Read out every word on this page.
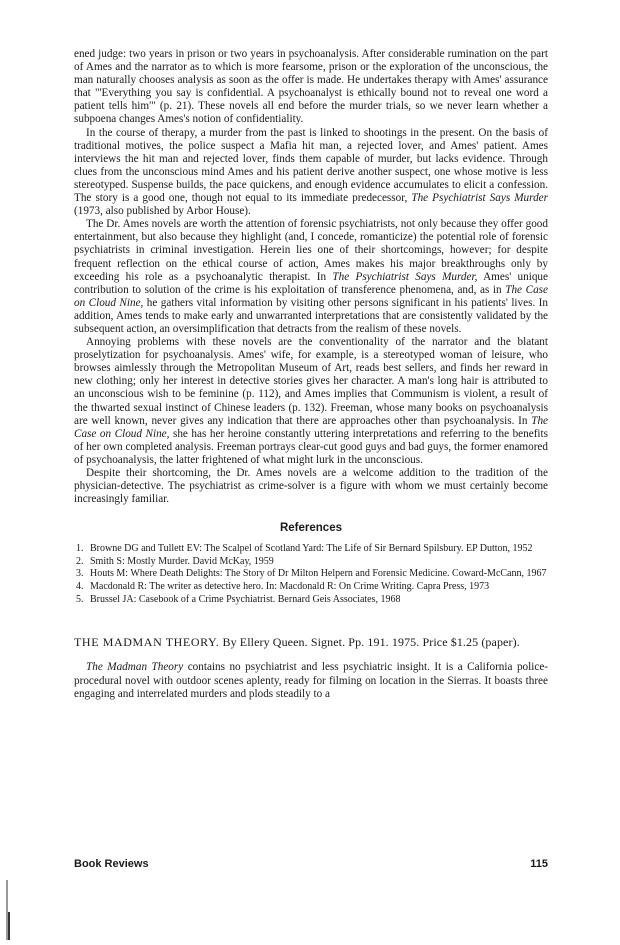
ened judge: two years in prison or two years in psychoanalysis. After considerable rumination on the part of Ames and the narrator as to which is more fearsome, prison or the exploration of the unconscious, the man naturally chooses analysis as soon as the offer is made. He undertakes therapy with Ames' assurance that "'Everything you say is confidential. A psychoanalyst is ethically bound not to reveal one word a patient tells him'" (p. 21). These novels all end before the murder trials, so we never learn whether a subpoena changes Ames's notion of confidentiality.

In the course of therapy, a murder from the past is linked to shootings in the present. On the basis of traditional motives, the police suspect a Mafia hit man, a rejected lover, and Ames' patient. Ames interviews the hit man and rejected lover, finds them capable of murder, but lacks evidence. Through clues from the unconscious mind Ames and his patient derive another suspect, one whose motive is less stereotyped. Suspense builds, the pace quickens, and enough evidence accumulates to elicit a confession. The story is a good one, though not equal to its immediate predecessor, The Psychiatrist Says Murder (1973, also published by Arbor House).

The Dr. Ames novels are worth the attention of forensic psychiatrists, not only because they offer good entertainment, but also because they highlight (and, I concede, romanticize) the potential role of forensic psychiatrists in criminal investigation. Herein lies one of their shortcomings, however; for despite frequent reflection on the ethical course of action, Ames makes his major breakthroughs only by exceeding his role as a psychoanalytic therapist. In The Psychiatrist Says Murder, Ames' unique contribution to solution of the crime is his exploitation of transference phenomena, and, as in The Case on Cloud Nine, he gathers vital information by visiting other persons significant in his patients' lives. In addition, Ames tends to make early and unwarranted interpretations that are consistently validated by the subsequent action, an oversimplification that detracts from the realism of these novels.

Annoying problems with these novels are the conventionality of the narrator and the blatant proselytization for psychoanalysis. Ames' wife, for example, is a stereotyped woman of leisure, who browses aimlessly through the Metropolitan Museum of Art, reads best sellers, and finds her reward in new clothing; only her interest in detective stories gives her character. A man's long hair is attributed to an unconscious wish to be feminine (p. 112), and Ames implies that Communism is violent, a result of the thwarted sexual instinct of Chinese leaders (p. 132). Freeman, whose many books on psychoanalysis are well known, never gives any indication that there are approaches other than psychoanalysis. In The Case on Cloud Nine, she has her heroine constantly uttering interpretations and referring to the benefits of her own completed analysis. Freeman portrays clear-cut good guys and bad guys, the former enamored of psychoanalysis, the latter frightened of what might lurk in the unconscious.

Despite their shortcoming, the Dr. Ames novels are a welcome addition to the tradition of the physician-detective. The psychiatrist as crime-solver is a figure with whom we must certainly become increasingly familiar.

References
1. Browne DG and Tullett EV: The Scalpel of Scotland Yard: The Life of Sir Bernard Spilsbury. EP Dutton, 1952
2. Smith S: Mostly Murder. David McKay, 1959
3. Houts M: Where Death Delights: The Story of Dr Milton Helpern and Forensic Medicine. Coward-McCann, 1967
4. Macdonald R: The writer as detective hero. In: Macdonald R: On Crime Writing. Capra Press, 1973
5. Brussel JA: Casebook of a Crime Psychiatrist. Bernard Geis Associates, 1968
THE MADMAN THEORY. By Ellery Queen. Signet. Pp. 191. 1975. Price $1.25 (paper).

The Madman Theory contains no psychiatrist and less psychiatric insight. It is a California police-procedural novel with outdoor scenes aplenty, ready for filming on location in the Sierras. It boasts three engaging and interrelated murders and plods steadily to a

Book Reviews	115
